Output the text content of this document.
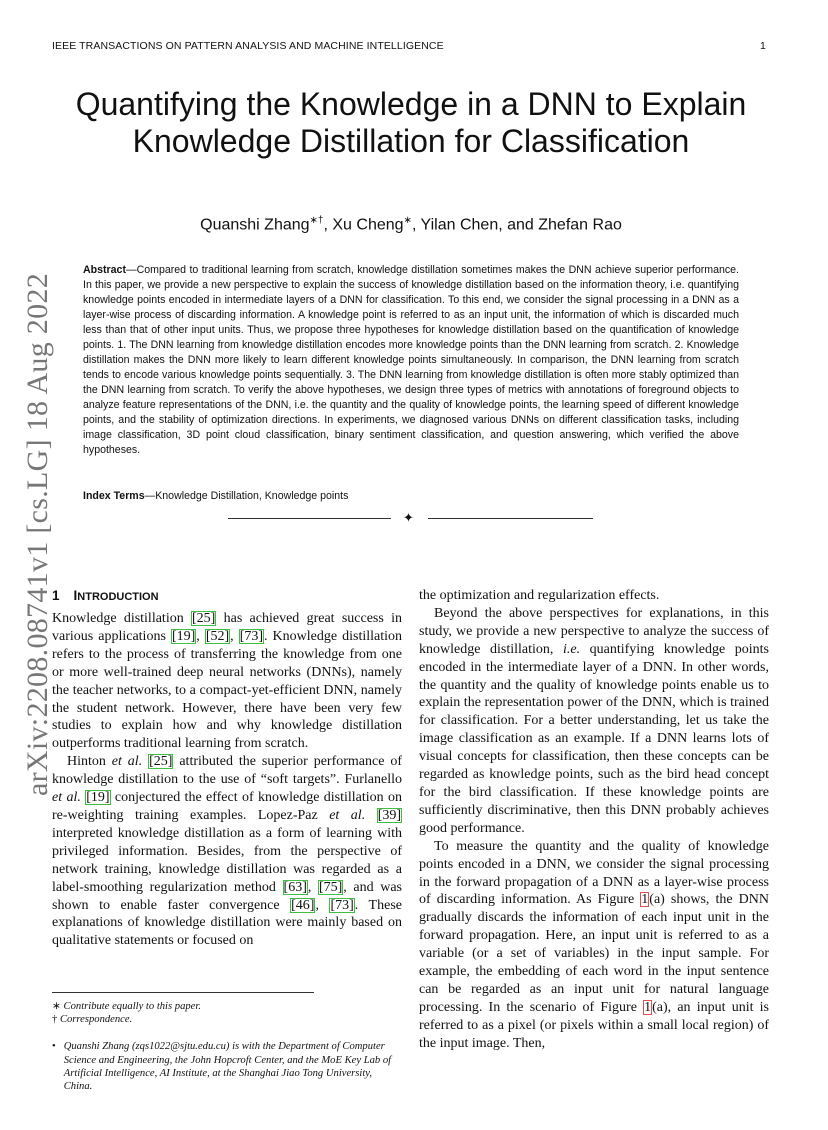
IEEE TRANSACTIONS ON PATTERN ANALYSIS AND MACHINE INTELLIGENCE	1
Quantifying the Knowledge in a DNN to Explain Knowledge Distillation for Classification
Quanshi Zhang∗†, Xu Cheng∗, Yilan Chen, and Zhefan Rao
Abstract—Compared to traditional learning from scratch, knowledge distillation sometimes makes the DNN achieve superior performance. In this paper, we provide a new perspective to explain the success of knowledge distillation based on the information theory, i.e. quantifying knowledge points encoded in intermediate layers of a DNN for classification. To this end, we consider the signal processing in a DNN as a layer-wise process of discarding information. A knowledge point is referred to as an input unit, the information of which is discarded much less than that of other input units. Thus, we propose three hypotheses for knowledge distillation based on the quantification of knowledge points. 1. The DNN learning from knowledge distillation encodes more knowledge points than the DNN learning from scratch. 2. Knowledge distillation makes the DNN more likely to learn different knowledge points simultaneously. In comparison, the DNN learning from scratch tends to encode various knowledge points sequentially. 3. The DNN learning from knowledge distillation is often more stably optimized than the DNN learning from scratch. To verify the above hypotheses, we design three types of metrics with annotations of foreground objects to analyze feature representations of the DNN, i.e. the quantity and the quality of knowledge points, the learning speed of different knowledge points, and the stability of optimization directions. In experiments, we diagnosed various DNNs on different classification tasks, including image classification, 3D point cloud classification, binary sentiment classification, and question answering, which verified the above hypotheses.
Index Terms—Knowledge Distillation, Knowledge points
✦
arXiv:2208.08741v1 [cs.LG] 18 Aug 2022
1 INTRODUCTION

Knowledge distillation [25] has achieved great success in various applications [19], [52], [73]. Knowledge distillation refers to the process of transferring the knowledge from one or more well-trained deep neural networks (DNNs), namely the teacher networks, to a compact-yet-efficient DNN, namely the student network. However, there have been very few studies to explain how and why knowledge distillation outperforms traditional learning from scratch.

Hinton et al. [25] attributed the superior performance of knowledge distillation to the use of “soft targets”. Furlanello et al. [19] conjectured the effect of knowledge distillation on re-weighting training examples. Lopez-Paz et al. [39] interpreted knowledge distillation as a form of learning with privileged information. Besides, from the perspective of network training, knowledge distillation was regarded as a label-smoothing regularization method [63], [75], and was shown to enable faster convergence [46], [73]. These explanations of knowledge distillation were mainly based on qualitative statements or focused on

the optimization and regularization effects.

Beyond the above perspectives for explanations, in this study, we provide a new perspective to analyze the success of knowledge distillation, i.e. quantifying knowledge points encoded in the intermediate layer of a DNN. In other words, the quantity and the quality of knowledge points enable us to explain the representation power of the DNN, which is trained for classification. For a better understanding, let us take the image classification as an example. If a DNN learns lots of visual concepts for classification, then these concepts can be regarded as knowledge points, such as the bird head concept for the bird classification. If these knowledge points are sufficiently discriminative, then this DNN probably achieves good performance.

To measure the quantity and the quality of knowledge points encoded in a DNN, we consider the signal processing in the forward propagation of a DNN as a layer-wise process of discarding information. As Figure 1(a) shows, the DNN gradually discards the information of each input unit in the forward propagation. Here, an input unit is referred to as a variable (or a set of variables) in the input sample. For example, the embedding of each word in the input sentence can be regarded as an input unit for natural language processing. In the scenario of Figure 1(a), an input unit is referred to as a pixel (or pixels within a small local region) of the input image. Then,

∗ Contribute equally to this paper.

† Correspondence.

• Quanshi Zhang (zqs1022@sjtu.edu.cu) is with the Department of Computer Science and Engineering, the John Hopcroft Center, and the MoE Key Lab of Artificial Intelligence, AI Institute, at the Shanghai Jiao Tong University, China.
